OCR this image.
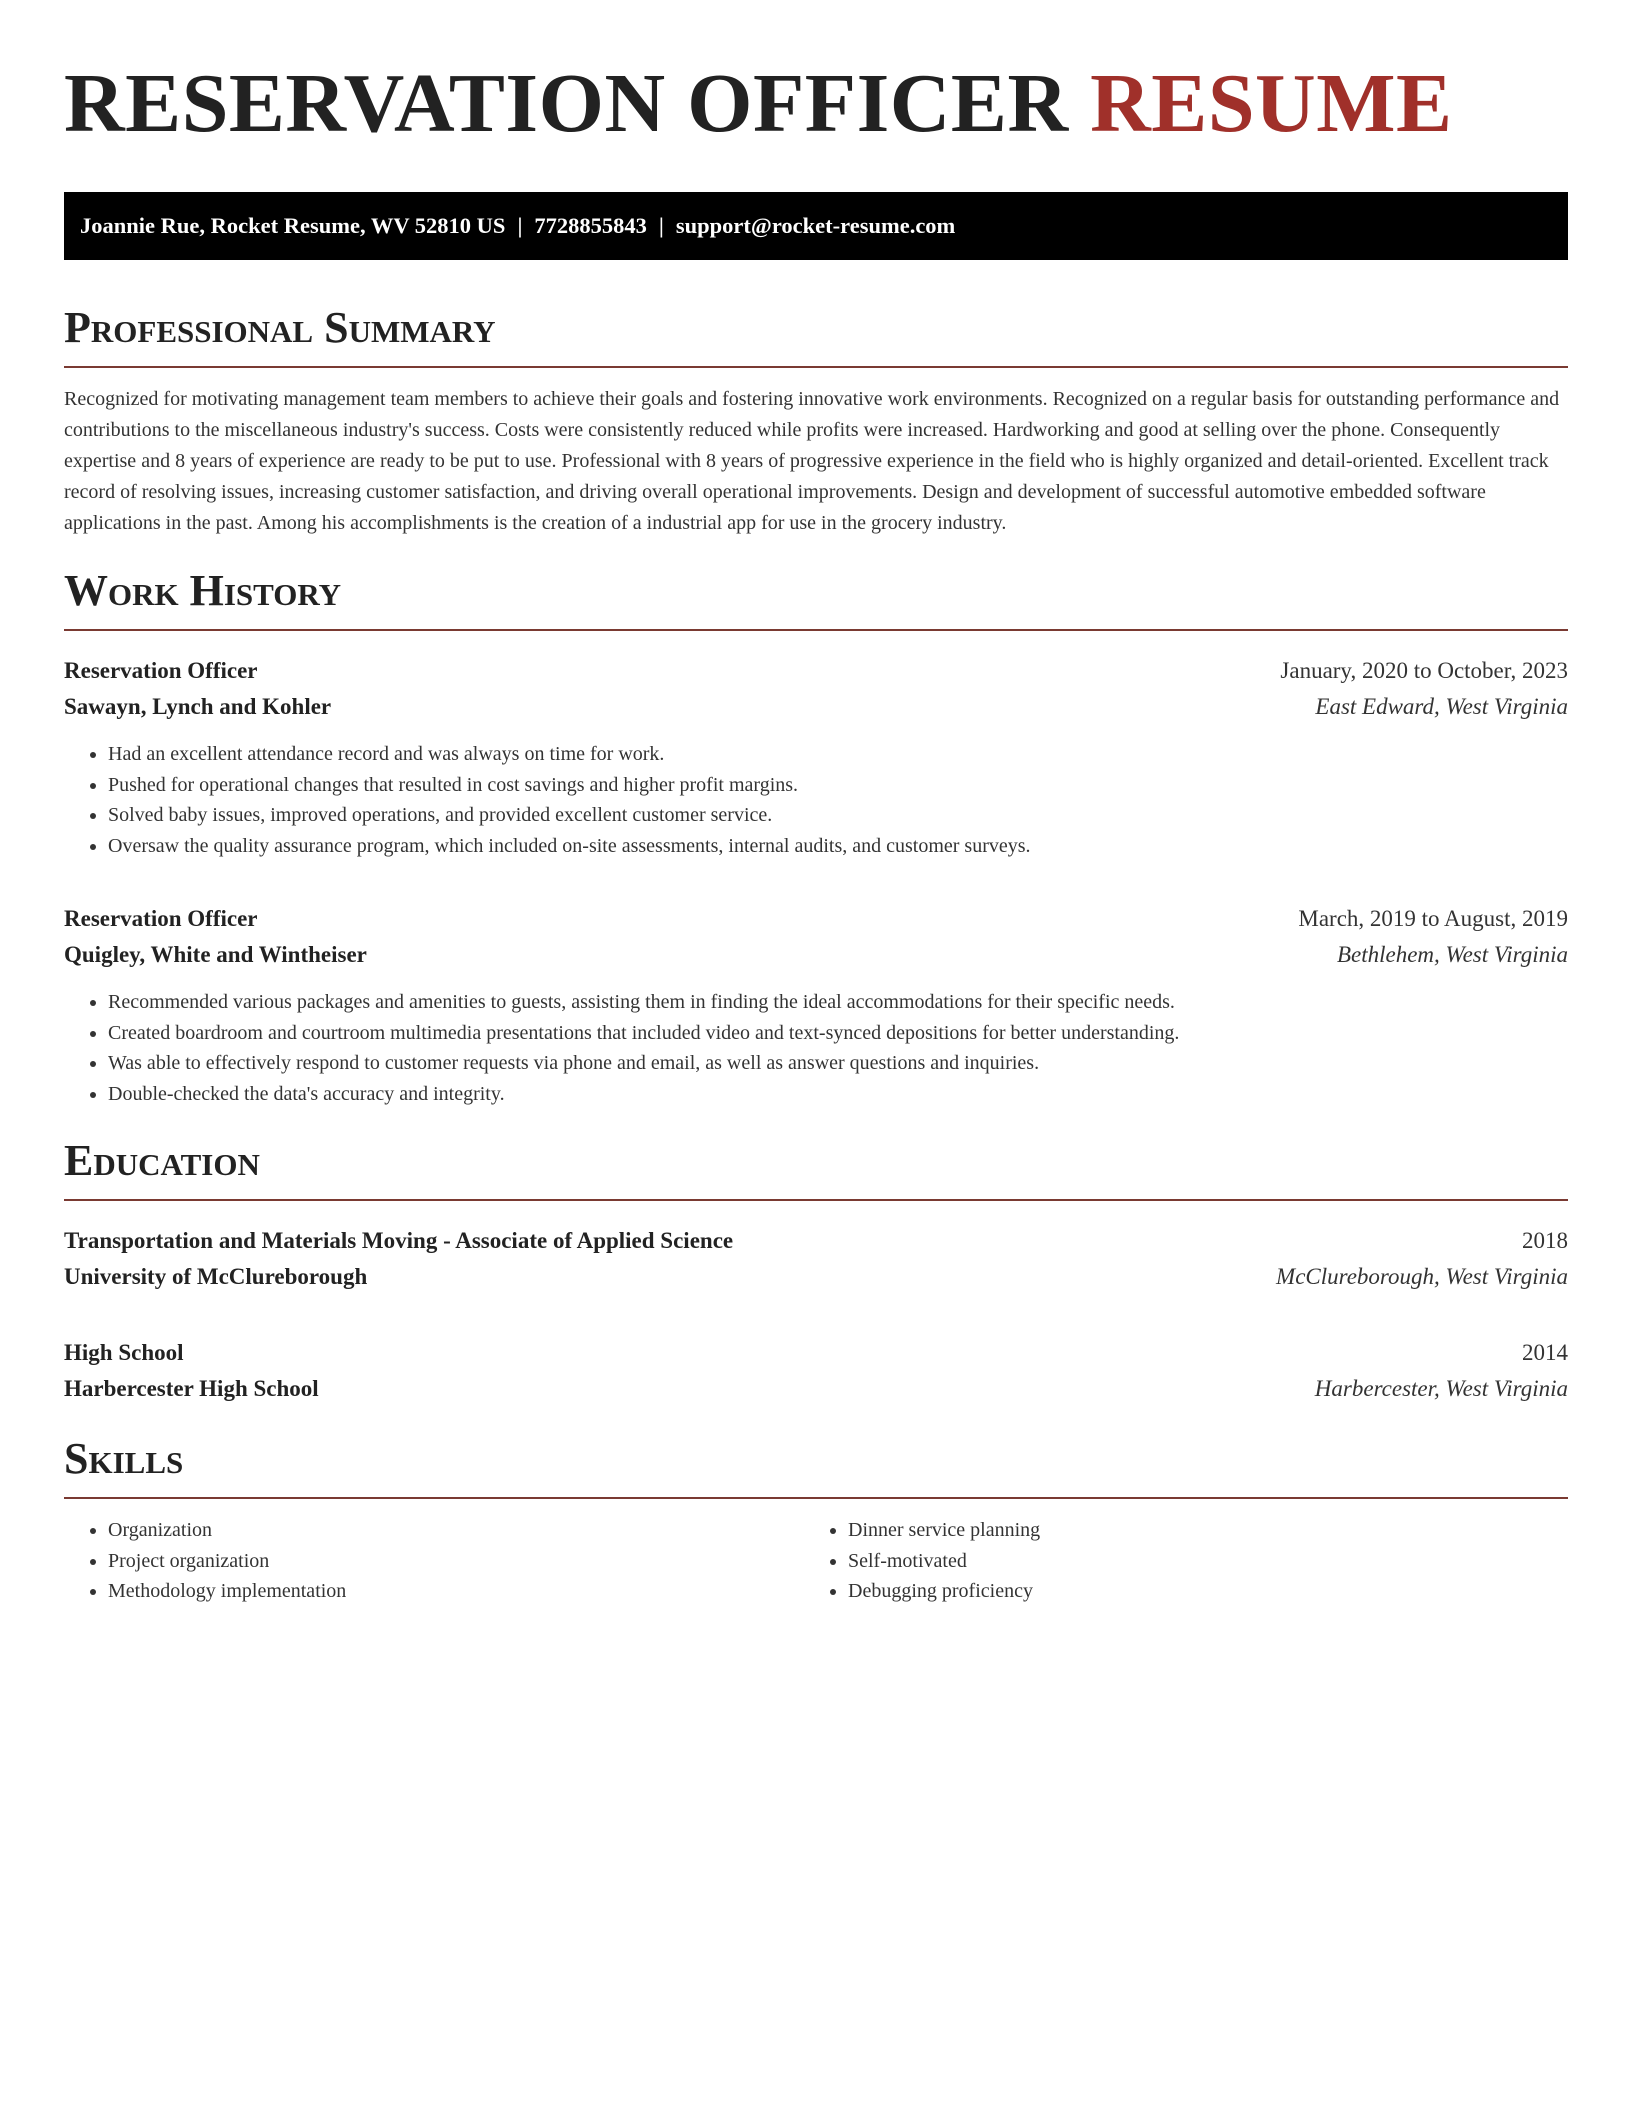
RESERVATION OFFICER RESUME
Joannie Rue, Rocket Resume, WV 52810 US | 7728855843 | support@rocket-resume.com
Professional Summary

Recognized for motivating management team members to achieve their goals and fostering innovative work environments. Recognized on a regular basis for outstanding performance and contributions to the miscellaneous industry's success. Costs were consistently reduced while profits were increased. Hardworking and good at selling over the phone. Consequently expertise and 8 years of experience are ready to be put to use. Professional with 8 years of progressive experience in the field who is highly organized and detail-oriented. Excellent track record of resolving issues, increasing customer satisfaction, and driving overall operational improvements. Design and development of successful automotive embedded software applications in the past. Among his accomplishments is the creation of a industrial app for use in the grocery industry.

Work History
Reservation Officer	January, 2020 to October, 2023
Sawayn, Lynch and Kohler	East Edward, West Virginia
• Had an excellent attendance record and was always on time for work.
• Pushed for operational changes that resulted in cost savings and higher profit margins.
• Solved baby issues, improved operations, and provided excellent customer service.
• Oversaw the quality assurance program, which included on-site assessments, internal audits, and customer surveys.
Reservation Officer	March, 2019 to August, 2019
Quigley, White and Wintheiser	Bethlehem, West Virginia
• Recommended various packages and amenities to guests, assisting them in finding the ideal accommodations for their specific needs.
• Created boardroom and courtroom multimedia presentations that included video and text-synced depositions for better understanding.
• Was able to effectively respond to customer requests via phone and email, as well as answer questions and inquiries.
• Double-checked the data's accuracy and integrity.
Education
Transportation and Materials Moving - Associate of Applied Science	2018
University of McClureborough	McClureborough, West Virginia
High School	2014
Harbercester High School	Harbercester, West Virginia
Skills
• Organization
• Project organization
• Methodology implementation
• Dinner service planning
• Self-motivated
• Debugging proficiency
